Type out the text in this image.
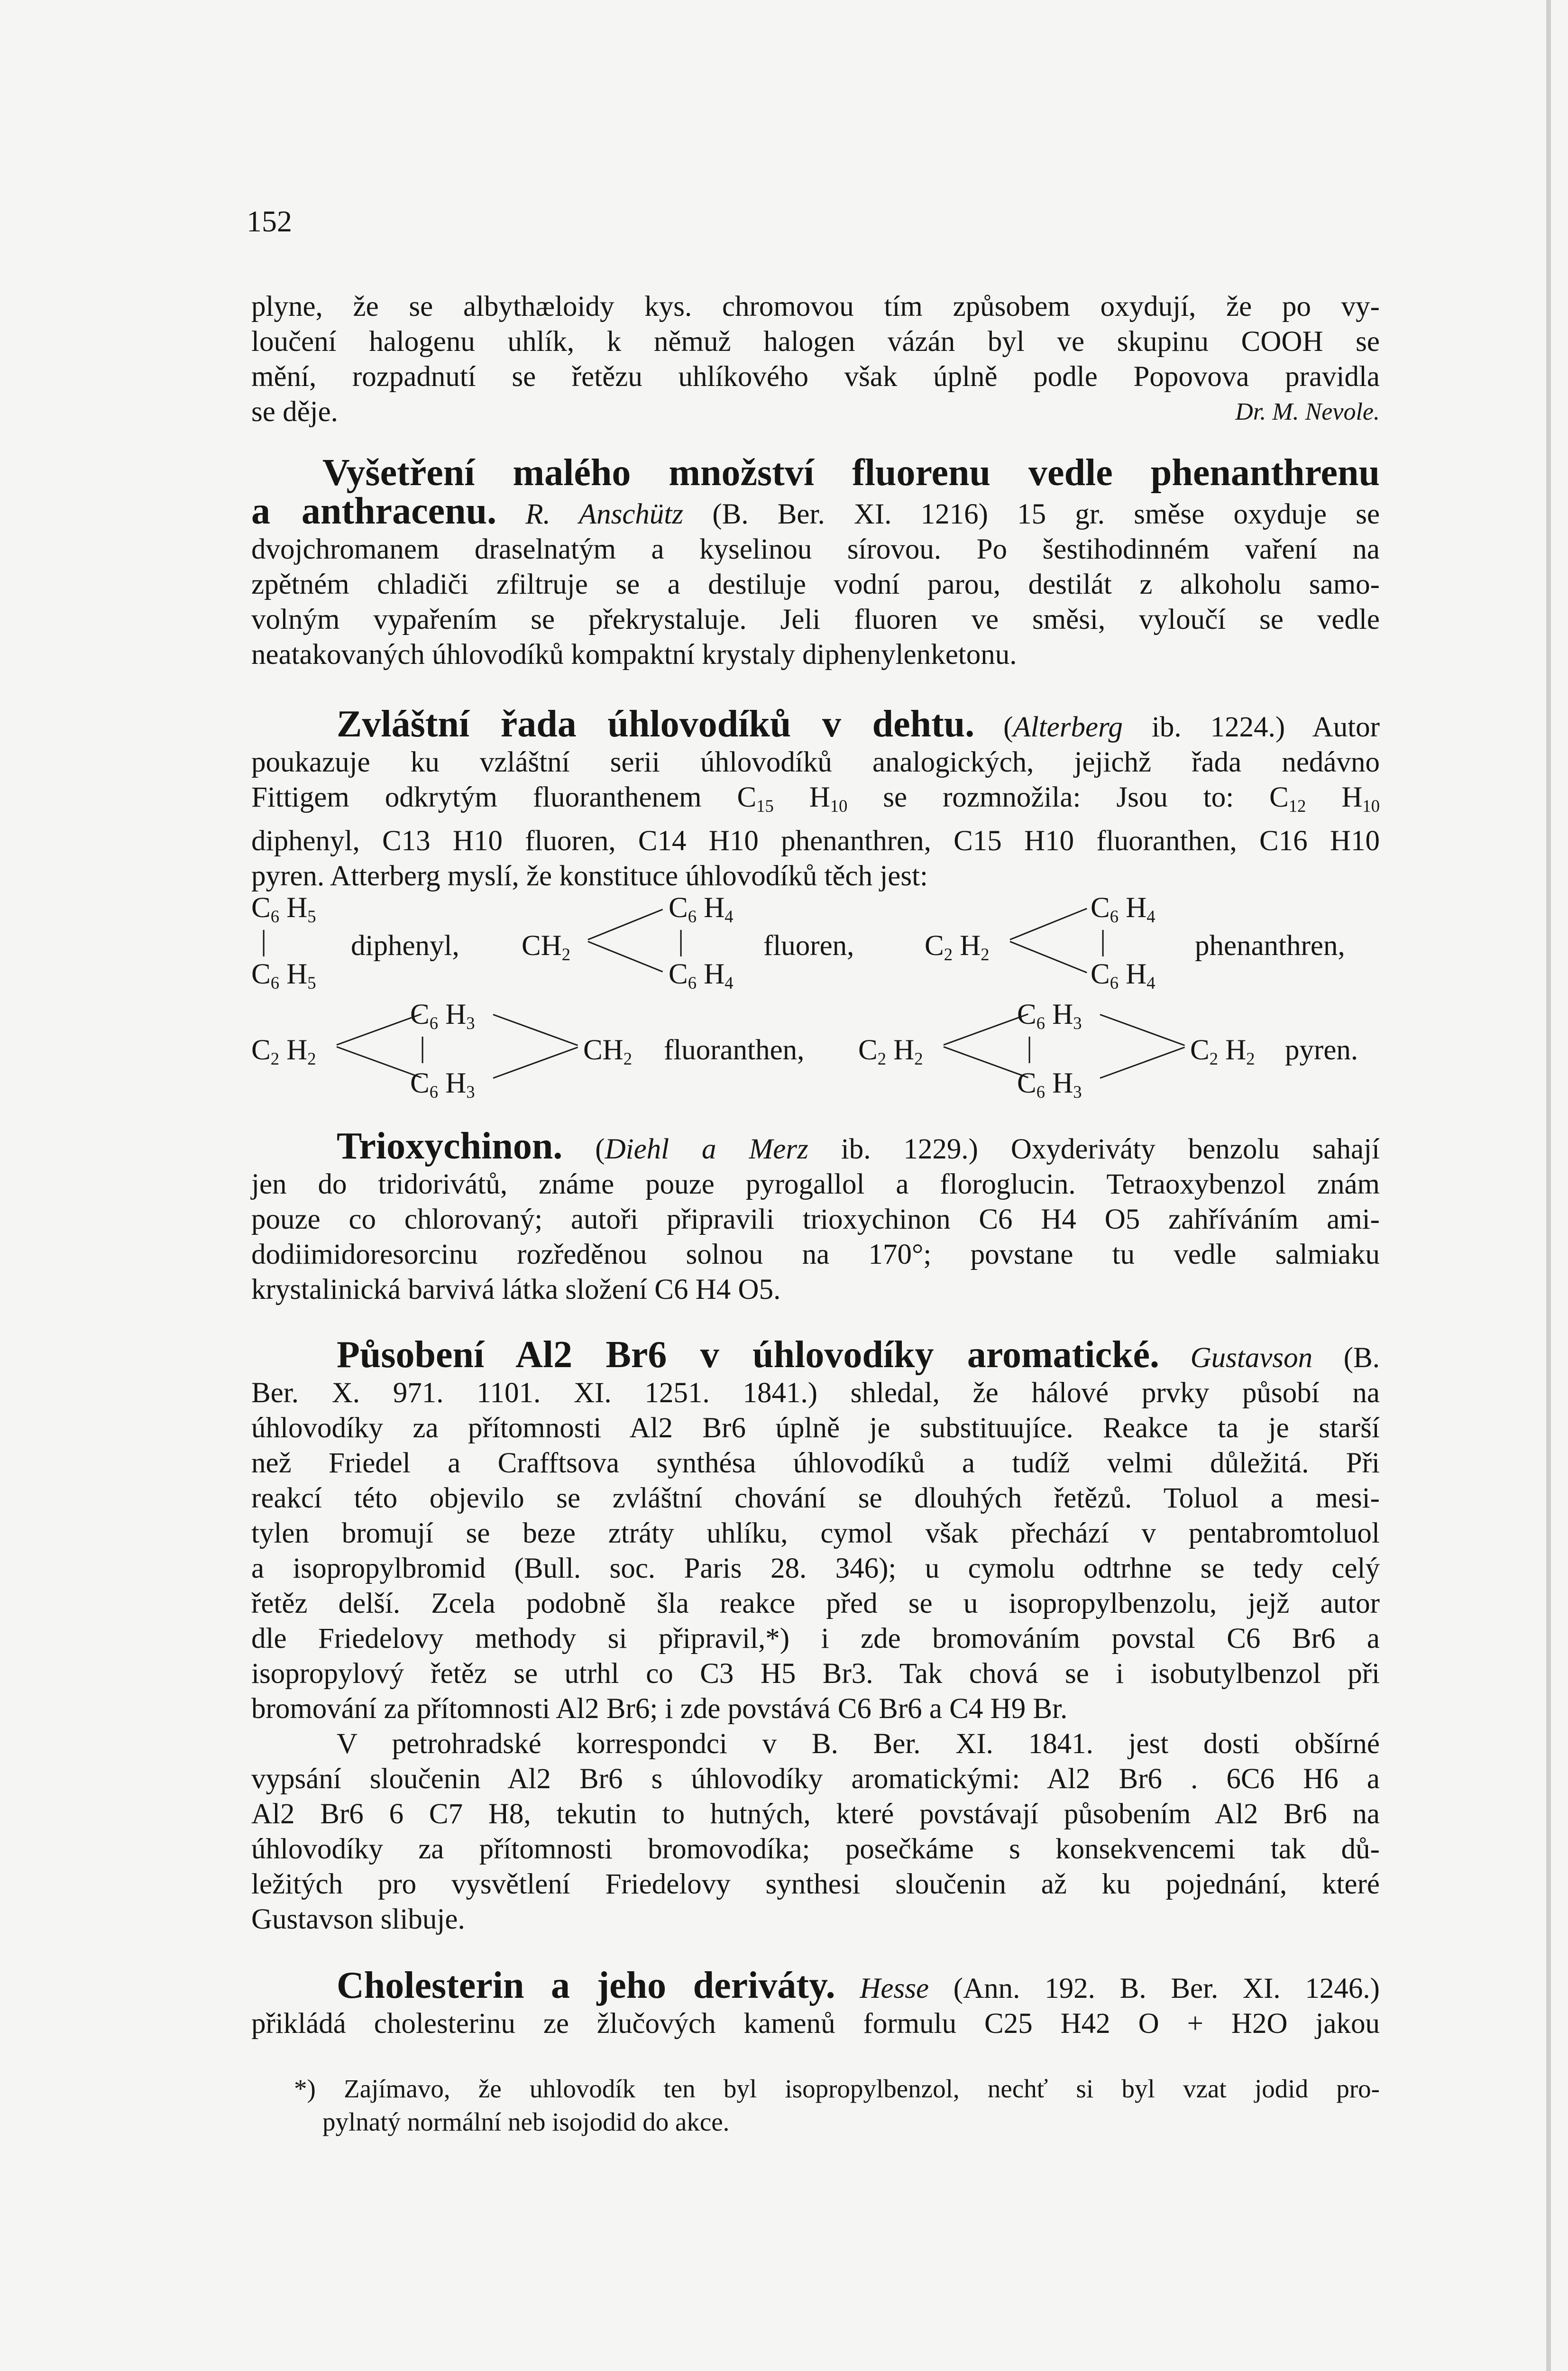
152
plyne, že se albythæloidy kys. chromovou tím způsobem oxydují, že po vy-
loučení halogenu uhlík, k němuž halogen vázán byl ve skupinu COOH se
mění, rozpadnutí se řetězu uhlíkového však úplně podle Popovova pravidla
se děje.	Dr. M. Nevole.
Vyšetření malého množství fluorenu vedle phenanthrenu
a anthracenu. R. Anschütz (B. Ber. XI. 1216) 15 gr. směse oxyduje se
dvojchromanem draselnatým a kyselinou sírovou. Po šestihodinném vaření na
zpětném chladiči zfiltruje se a destiluje vodní parou, destilát z alkoholu samo-
volným vypařením se překrystaluje. Jeli fluoren ve směsi, vyloučí se vedle
neatakovaných úhlovodíků kompaktní krystaly diphenylenketonu.
Zvláštní řada úhlovodíků v dehtu. (Alterberg ib. 1224.) Autor
poukazuje ku vzláštní serii úhlovodíků analogických, jejichž řada nedávno
Fittigem odkrytým fluoranthenem $C_{15}$ $H_{10}$ se rozmnožila: Jsou to: $C_{12}$ $H_{10}$
diphenyl, C13 H10 fluoren, C14 H10 phenanthren, C15 H10 fluoranthen, C16 H10
pyren. Atterberg myslí, že konstituce úhlovodíků těch jest:
$C_6$ $H_5$
|	diphenyl,
$C_6$ $H_5$
$CH_2$
$C_6$ $H_4$
|
$C_6$ $H_4$
fluoren, $C_2$ $H_2$
$C_6$ $H_4$
|
$C_6$ $H_4$
phenanthren,
$C_2$ $H_2$
$C_6$ $H_3$
|
$C_6$ $H_3$
$CH_2$ fluoranthen, $C_2$ $H_2$
$C_6$ $H_3$
|
$C_6$ $H_3$
$C_2$ $H_2$ pyren.
Trioxychinon. (Diehl a Merz ib. 1229.) Oxyderiváty benzolu sahají
jen do tridorivátů, známe pouze pyrogallol a floroglucin. Tetraoxybenzol znám
pouze co chlorovaný; autoři připravili trioxychinon C6 H4 O5 zahříváním ami-
dodiimidoresorcinu rozředěnou solnou na 170°; povstane tu vedle salmiaku
krystalinická barvivá látka složení C6 H4 O5.
Působení Al2 Br6 v úhlovodíky aromatické. Gustavson (B.
Ber. X. 971. 1101. XI. 1251. 1841.) shledal, že hálové prvky působí na
úhlovodíky za přítomnosti Al2 Br6 úplně je substituujíce. Reakce ta je starší
než Friedel a Crafftsova synthésa úhlovodíků a tudíž velmi důležitá. Při
reakcí této objevilo se zvláštní chování se dlouhých řetězů. Toluol a mesi-
tylen bromují se beze ztráty uhlíku, cymol však přechází v pentabromtoluol
a isopropylbromid (Bull. soc. Paris 28. 346); u cymolu odtrhne se tedy celý
řetěz delší. Zcela podobně šla reakce před se u isopropylbenzolu, jejž autor
dle Friedelovy methody si připravil,*) i zde bromováním povstal C6 Br6 a
isopropylový řetěz se utrhl co C3 H5 Br3. Tak chová se i isobutylbenzol při
bromování za přítomnosti Al2 Br6; i zde povstává C6 Br6 a C4 H9 Br.
V petrohradské korrespondci v B. Ber. XI. 1841. jest dosti obšírné
vypsání sloučenin Al2 Br6 s úhlovodíky aromatickými: Al2 Br6 . 6C6 H6 a
Al2 Br6 6 C7 H8, tekutin to hutných, které povstávají působením Al2 Br6 na
úhlovodíky za přítomnosti bromovodíka; posečkáme s konsekvencemi tak dů-
ležitých pro vysvětlení Friedelovy synthesi sloučenin až ku pojednání, které
Gustavson slibuje.
Cholesterin a jeho deriváty. Hesse (Ann. 192. B. Ber. XI. 1246.)
přikládá cholesterinu ze žlučových kamenů formulu C25 H42 O + H2O jakou
*) Zajímavo, že uhlovodík ten byl isopropylbenzol, nechť si byl vzat jodid pro-
pylnatý normální neb isojodid do akce.
